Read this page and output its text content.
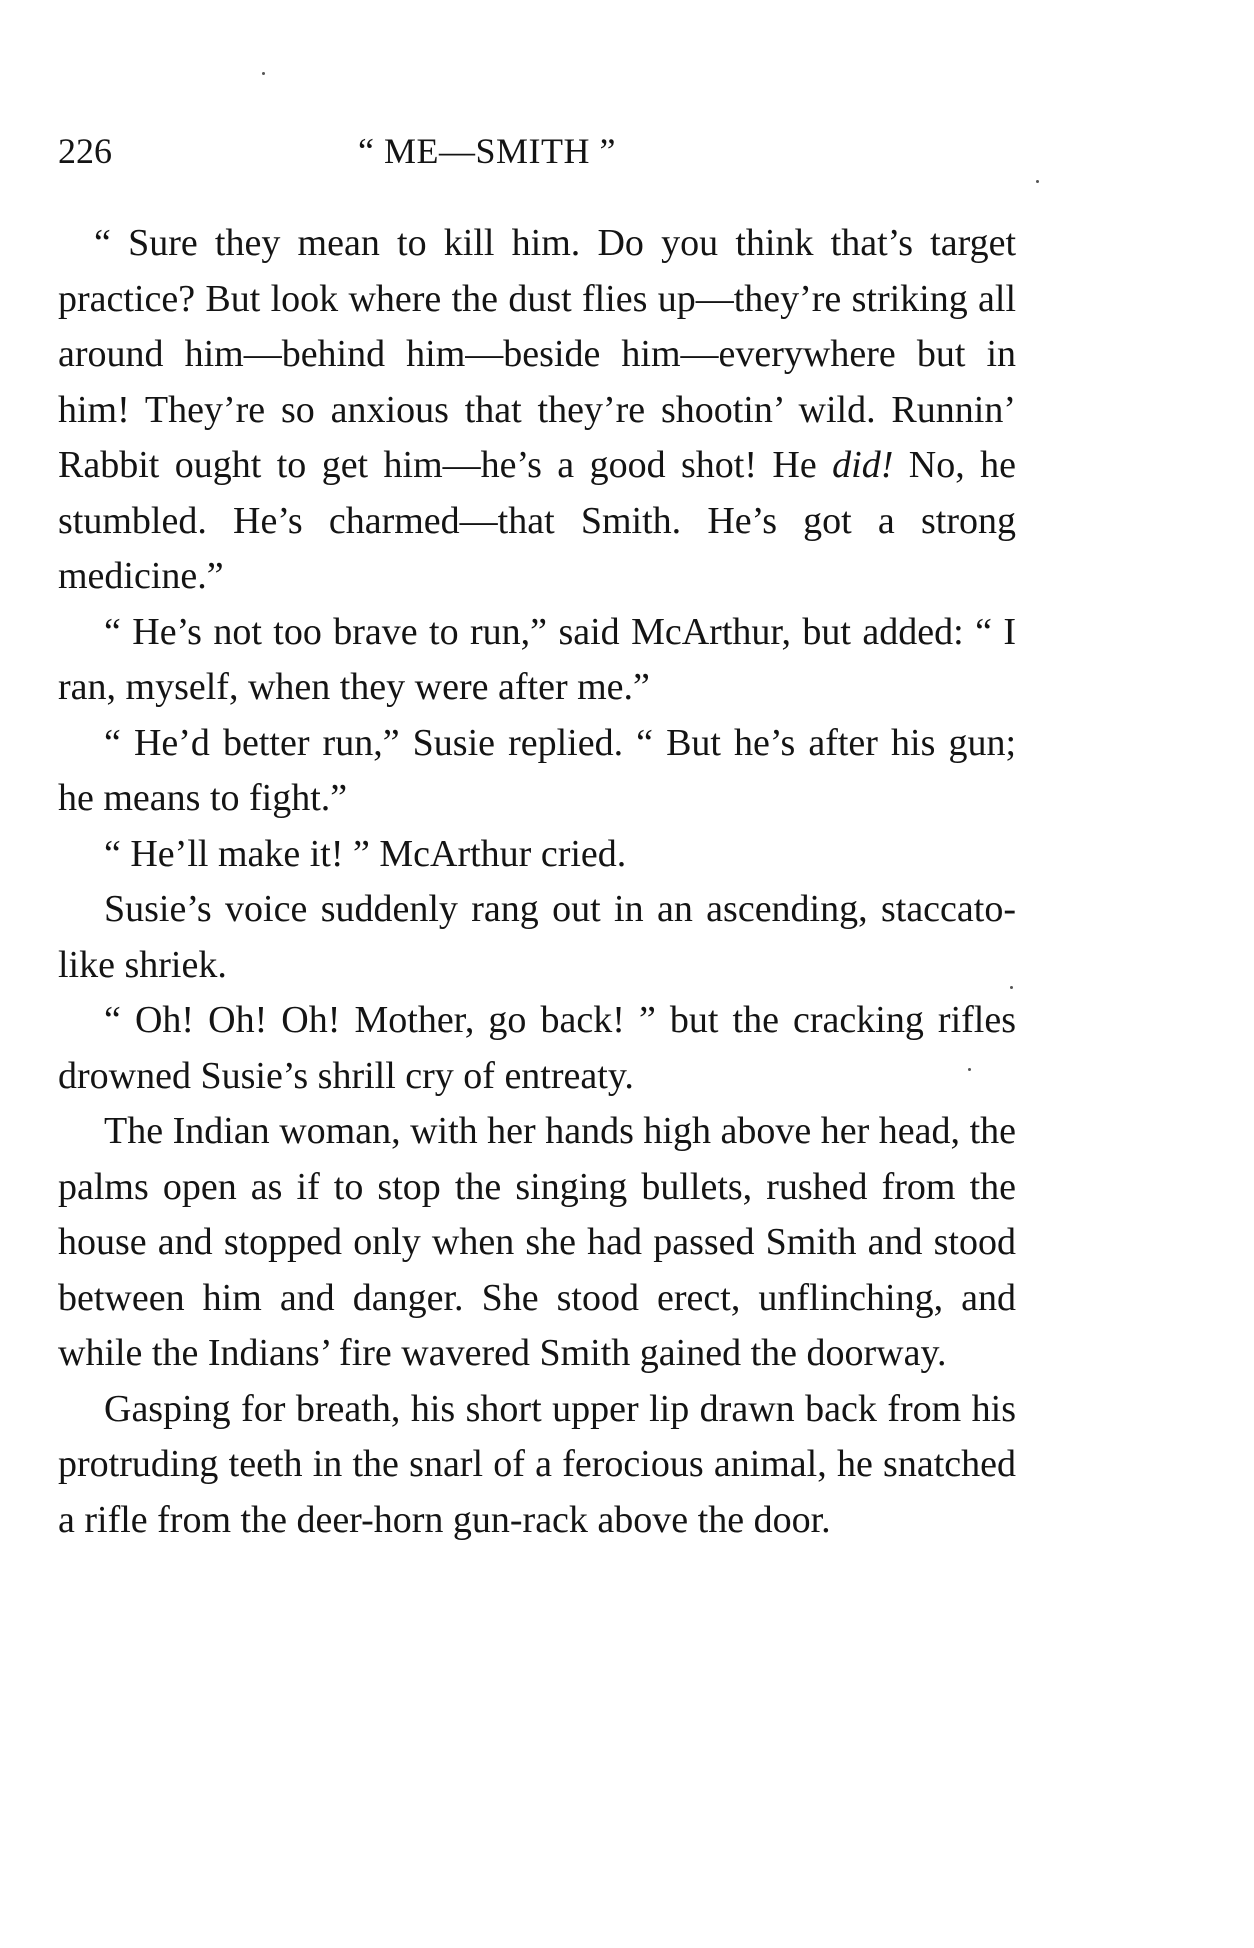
226	“ ME—SMITH ”

“ Sure they mean to kill him. Do you think that’s target practice? But look where the dust flies up—they’re striking all around him—behind him—beside him—everywhere but in him! They’re so anxious that they’re shootin’ wild. Runnin’ Rabbit ought to get him—he’s a good shot! He did! No, he stumbled. He’s charmed—that Smith. He’s got a strong medicine.”

“ He’s not too brave to run,” said McArthur, but added: “ I ran, myself, when they were after me.”

“ He’d better run,” Susie replied. “ But he’s after his gun; he means to fight.”

“ He’ll make it! ” McArthur cried.

Susie’s voice suddenly rang out in an ascending, staccato-like shriek.

“ Oh! Oh! Oh! Mother, go back! ” but the cracking rifles drowned Susie’s shrill cry of entreaty.

The Indian woman, with her hands high above her head, the palms open as if to stop the singing bullets, rushed from the house and stopped only when she had passed Smith and stood between him and danger. She stood erect, unflinching, and while the Indians’ fire wavered Smith gained the doorway.

Gasping for breath, his short upper lip drawn back from his protruding teeth in the snarl of a ferocious animal, he snatched a rifle from the deer-horn gun-rack above the door.
